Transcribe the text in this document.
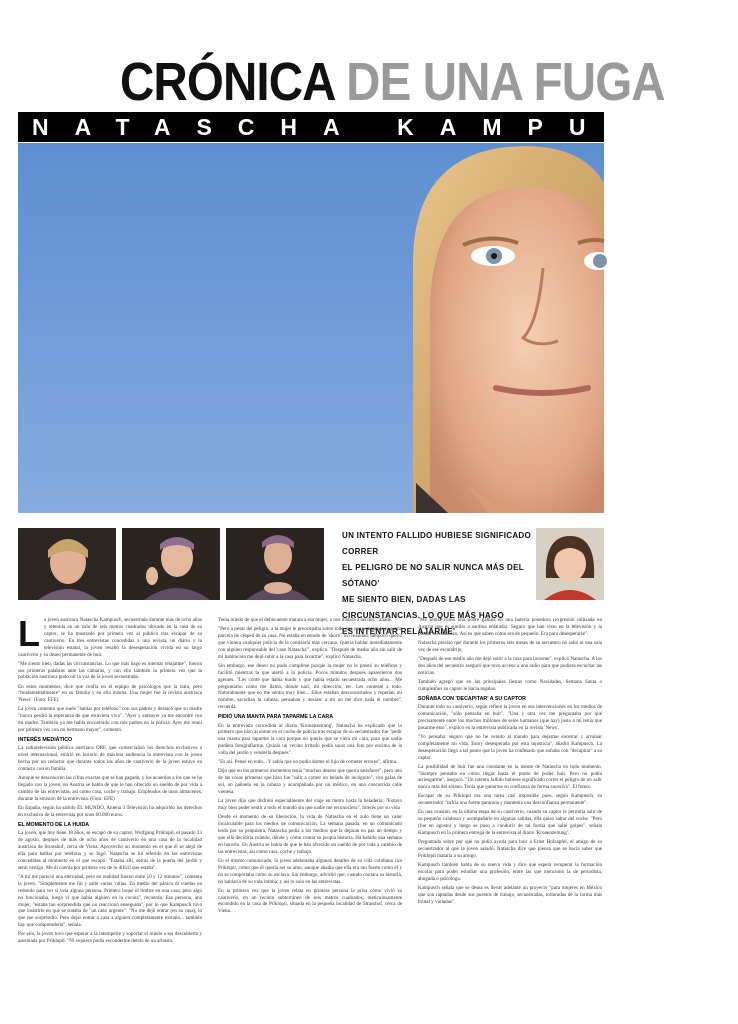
CRÓNICA DE UNA FUGA
NATASCHA KAMPUSCH
UN INTENTO FALLIDO HUBIESE SIGNIFICADO CORRER
EL PELIGRO DE NO SALIR NUNCA MÁS DEL SÓTANO'
ME SIENTO BIEN, DADAS LAS
CIRCUNSTANCIAS. LO QUE MÁS HAGO
ES INTENTAR RELAJARME'
L a joven austriaca Natascha Kampusch, secuestrada durante más de ocho años y retenida en un zulo de seis metros cuadrados ubicado en la casa de su captor, se ha mostrado por primera vez al público tras escapar de su cautiverio. En tres entrevistas concedidas a una revista, un diario y la televisión estatal, la joven resaltó la desesperación vivida en su largo cautiverio y su deseo permanente de huir.

"Me siento bien, dadas las circunstancias. Lo que más hago es intentar relajarme", fueron sus primeras palabras ante las cámaras, y con ello también la primera vez que la población austriaca pudo oír la voz de la joven secuestrada.

En estos momentos, dice que confía en el equipo de psicólogos que la trata, pero "fundamentalmente" en su familia y en ella misma. Una mujer fue la revista austriaca 'News'. (Foto: EFE)

La joven comentó que suele "hablar por teléfono" con sus padres y destacó que su madre "nunca perdió la esperanza de que estuviera viva". "Ayer y anteayer ya me encontré con mi madre. También ya me había encontrado con mis padres en la policía. Ayer me reuní por primera vez con mi hermano mayor", comentó.

INTERÉS MEDIÁTICO

La radiotelevisión pública austriaca ORF, que comercializó los derechos exclusivos a nivel internacional, emitió en horario de máxima audiencia la entrevista con la joven hecha por un redactor que durante todos los años de cautiverio de la joven estuvo en contacto con su familia.

Aunque se desconocen las cifras exactas que se han pagado, y los acuerdos a los que se ha llegado con la joven, en Austria se habla de que le han ofrecido un sueldo de por vida a cambio de las entrevistas, así como casa, coche y trabajo. Empleados de unos almacenes, durante la emisión de la entrevista. (Foto: EFE)

En España, según ha sabido EL MUNDO, Antena 3 Televisión ha adquirido los derechos en exclusiva de la entrevista por unos 60.000 euros.

EL MOMENTO DE LA HUIDA

La joven, que hoy tiene 18 años, se escapó de su captor, Wolfgang Priklopil, el pasado 23 de agosto, después de más de ocho años de cautiverio en una casa de la localidad austriaca de Strasshof, cerca de Viena. Aprovechó un momento en el que él se alejó de ella para hablar por teléfono y se fugó. Natascha se ha referido en las entrevistas concedidas al momento en el que escapó: "Estaba allí, detrás de la puerta del jardín y sentí vértigo. Me di cuenta por primera vez de lo difícil que estaba".

"A mí me pareció una eternidad, pero en realidad fueron entre 10 y 12 minutos", comenta la joven. "Simplemente me fui y salté varias vallas. En medio del pánico di vueltas en redondo para ver si veía alguna persona. Primero toqué el timbre en una casa, pero algo no funcionaba, luego vi que había alguien en la cocina", recuerda. Esa persona, una mujer, "estaba tan sorprendida que no reaccionó enseguida", por lo que Kampusch tuvo que insistirle en que se trataba de "un caso urgente". "No me dejó entrar (en su casa), lo que me sorprendió. Pero dejar entrar a casa a alguien completamente extraño... también hay que comprenderla", señala.

Por ello, la joven tuvo que esperar a la intemperie y soportar el miedo a ser descubierta y asesinada por Priklopil. "Ni siquiera podía esconderme detrás de un arbusto.

Tenía miedo de que el delincuente matara a esa mujer, o nos matara a las dos", añade.

"Pero a pesar del peligro, a la mujer le preocupaba sobre todo que yo no pisara la pequeña parcela de césped de su casa. No estaba en estado de 'shock'. En realidad, tampoco quería que viniera cualquier policía de la comisaría más cercana. Quería hablar inmediatamente con alguien responsable del 'caso Natascha'", explica. "Después de medio año sin salir de mi habitación me dejó subir a la casa para lavarme", explicó Natascha.

Sin embargo, ese deseo no pudo cumplirse porque la mujer no le prestó su teléfono y facilitó mientras la que alertó a la policía. Pocos minutos después aparecieron dos agentes. "Les conté que había huido y que había estado secuestrada ocho años... Me preguntaron cómo me llamo, dónde nací, mi dirección, etc. Les contesté a todo. Naturalmente que no me sentía muy bien... Ellos estaban desconcertados y repetían mi nombre, sacudían la cabeza, pensaban y decían: a mí no me dice nada el nombre", recuerda.

PIDIÓ UNA MANTA PARA TAPARME LA CARA

En la entrevista concedida al diario 'Kronenzeitung', Natascha ha explicado que lo primero que hizo al entrar en el coche de policía tras escapar de su secuestrador fue "pedir una manta para taparme la cara porque no quería que se viera mi cara, para que nadie pudiera fotografiarme. Quizás un vecino irritado podía sacar una foto por encima de la valla del jardín y venderla después".

"Es así. Pensé en todo... Y sabía que no podía darme el lujo de cometer errores", afirma.

Dijo que en los primeros momentos tenía "muchos deseos que quería satisfacer", pero uno de las cosas primeras que hizo fue "salir a comer un helado de incógnito", con gafas de sol, un pañuelo en la cabeza y acompañada por un médico, en una concurrida calle vienesa.

La joven dijo que disfrutó especialmente del viaje en metro hasta la heladería: "Estuvo muy bien poder sentir a todo el mundo sin que nadie me reconociera". Interés por su vida

Desde el momento de su liberación, la vida de Natascha en el zulo tiene un valor incalculable para los medios de comunicación. La semana pasada, en un comunicado leído por su psiquiatra, Natascha pedía a los medios que la dejaran en paz un tiempo y que ella decidiría cuándo, dónde y cómo contar su propia historia. Ha habido una semana en hacerlo. En Austria se habla de que le han ofrecido un sueldo de por vida a cambio de las entrevistas, así como casa, coche y trabajo.

En el mismo comunicado, la joven adelantaba algunos detalles de su vida cotidiana con Priklopil, como que él quería ser su amo, aunque añadía que ella era tan fuerte como él y no se comportaba como su esclava. Sin embargo, advirtió que, cuando contara su historia, no hablaría de su vida íntima; y así lo solo en las entrevistas.

En la primera vez que la joven relata en primera persona la prisa cómo vivió su cautiverio, en un recinto subterráneo de seis metros cuadrados, meticulosamente escondido en la casa de Priklopil, situada en la pequeña localidad de Strasshof, cerca de Viena.

"Me sentía como una pobre gallina en una batería ponedora (expresión utilizada en Austria que es similar a sardina enlatada). Seguro que han visto en la televisión y la prensa mi calabozo. Así es que saben cómo era de pequeño. Era para desesperarse".

Natascha precisó que durante los primeros seis meses de su secuestro no salió ni una sola vez de ese escondrijo.

"Después de ese medio año me dejó subir a la casa para lavarme", explicó Natascha. A los dos años del secuestro aseguró que tuvo acceso a una radio para que pudiera escuchar las noticias.

También agregó que en las principales fiestas como Navidades, Semana Santa o cumpleaños su captor le hacía regalos.

SOÑABA CON 'DECAPITAR' A SU CAPTOR

Durante todo su cautiverio, según refiere la joven en sus intervenciones en los medios de comunicación, "sólo pensaba en huir". "Una y otra vez me preguntaba por qué precisamente entre los muchos millones de seres humanos (que hay) justo a mí tenía que pasarme esto", explicó en la entrevista publicada en la revista 'News'.

"Yo pensaba: seguro que no he venido al mundo para dejarme encerrar y arruinar completamente mi vida. Estoy desesperada por esta injusticia", añadió Kampusch. La desesperación llegó a tal punto que la joven ha confesado que soñaba con "decapitar" a su captor.

La posibilidad de huir fue una constante en la mente de Natascha en todo momento. "Siempre pensaba en cómo llegar hasta el punto de poder huir. Pero no podía arriesgarme", aseguró. "Un intento fallido hubiese significado correr el peligro de no salir nunca más del sótano. Tenía que ganarme su confianza de forma sucesiva". El futuro

Escapar de su Priklopil era una tarea casi imposible pues, según Kampusch, su secuestrador "sufría una fuerte paranoia y mantenía una desconfianza permanente".

En una ocasión, en la última etapa de su cautiverio, cuando su captor le permitía salir de su pequeño calabozo y acompañarle en algunas salidas, ella quiso saltar del coche. "Pero (fue en agosto) y luego se puso a conducir de tal forma que salté golpes", señala Kampusch en la primera entrega de la entrevista al diario 'Kronenzeitung'.

Preguntada sobre por qué no pidió ayuda para huir a Ernst Holzapfel, el amigo de su secuestrador al que la joven saludó, Natascha dice que piensa que se hacía saber que Priklopil mataría a su amigo.

Kampusch también habla de su nueva vida y dice que espera recuperar la formación escolar para poder estudiar una profesión, entre las que mencionó la de periodista, abogada o psicóloga.

Kampusch señala que se desea es llevar adelante un proyecto "para mujeres en México que son raptadas desde sus puestos de trabajo, secuestradas, torturadas de la forma más brutal y violadas".
